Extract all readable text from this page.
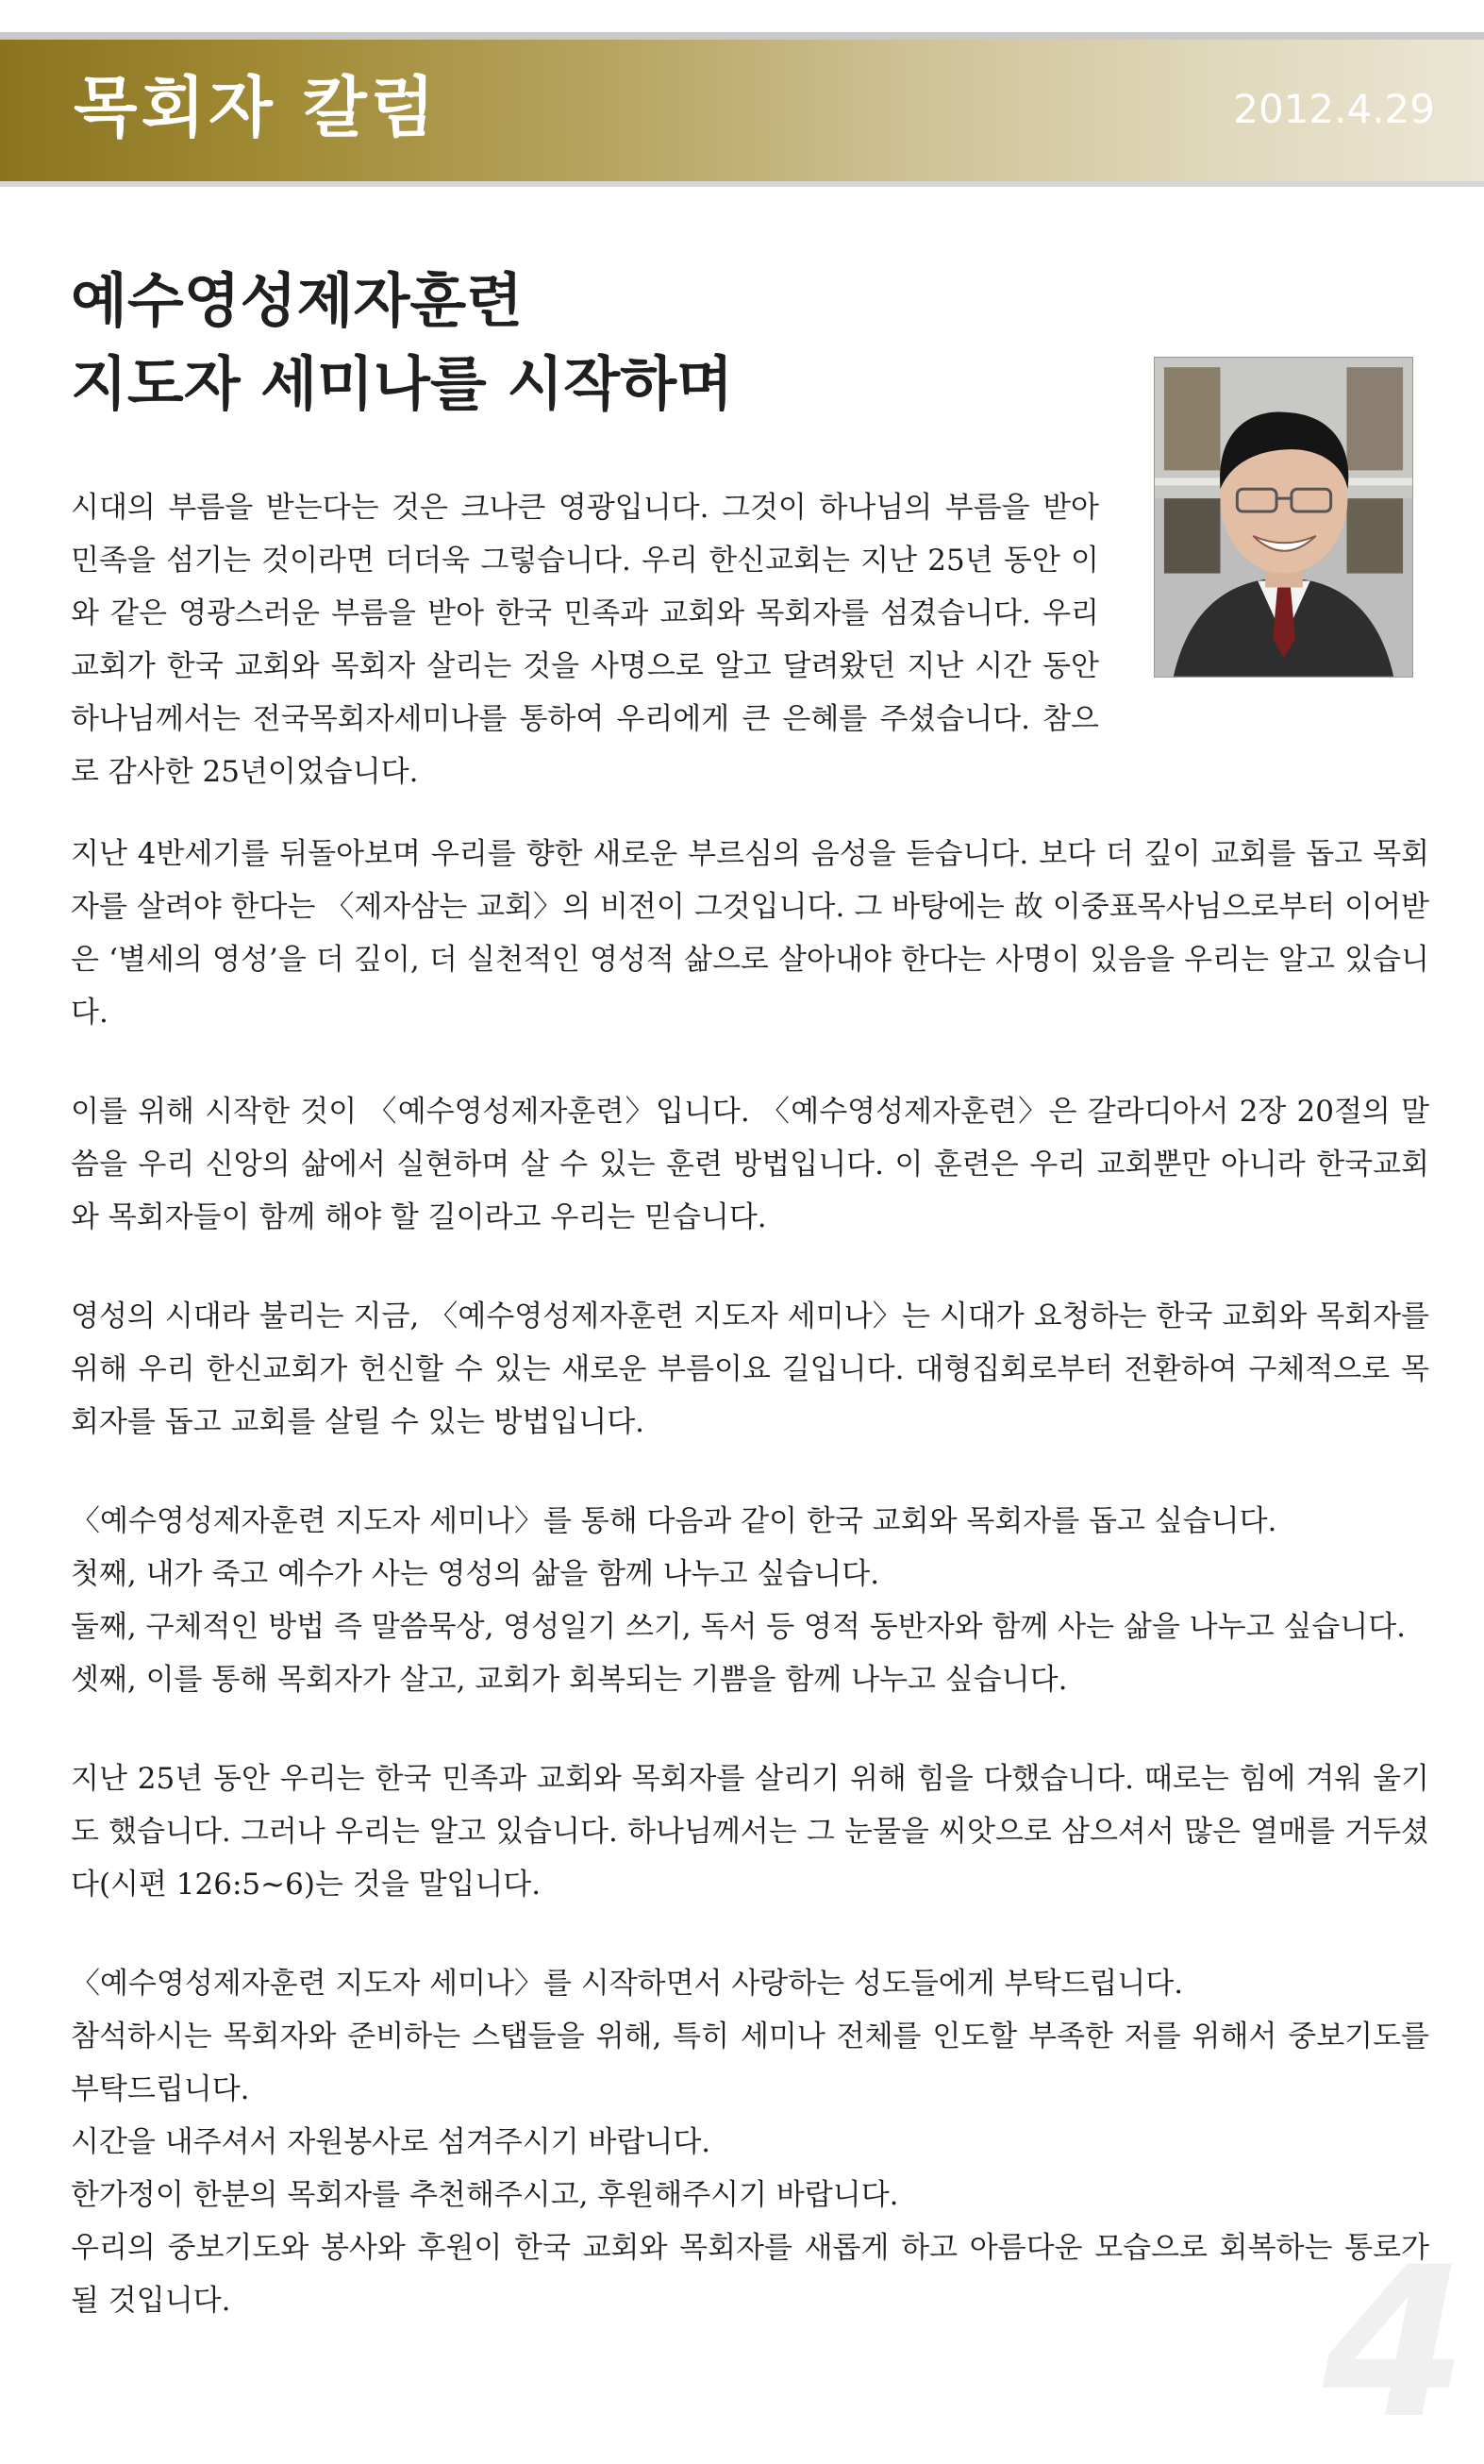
목회자 칼럼	2012.4.29
예수영성제자훈련
지도자 세미나를 시작하며
시대의 부름을 받는다는 것은 크나큰 영광입니다. 그것이 하나님의 부름을 받아 민족을 섬기는 것이라면 더더욱 그렇습니다. 우리 한신교회는 지난 25년 동안 이와 같은 영광스러운 부름을 받아 한국 민족과 교회와 목회자를 섬겼습니다. 우리 교회가 한국 교회와 목회자 살리는 것을 사명으로 알고 달려왔던 지난 시간 동안 하나님께서는 전국목회자세미나를 통하여 우리에게 큰 은혜를 주셨습니다. 참으로 감사한 25년이었습니다.

지난 4반세기를 뒤돌아보며 우리를 향한 새로운 부르심의 음성을 듣습니다. 보다 더 깊이 교회를 돕고 목회자를 살려야 한다는 〈제자삼는 교회〉의 비전이 그것입니다. 그 바탕에는 故 이중표목사님으로부터 이어받은 ‘별세의 영성’을 더 깊이, 더 실천적인 영성적 삶으로 살아내야 한다는 사명이 있음을 우리는 알고 있습니다.

이를 위해 시작한 것이 〈예수영성제자훈련〉입니다. 〈예수영성제자훈련〉은 갈라디아서 2장 20절의 말씀을 우리 신앙의 삶에서 실현하며 살 수 있는 훈련 방법입니다. 이 훈련은 우리 교회뿐만 아니라 한국교회와 목회자들이 함께 해야 할 길이라고 우리는 믿습니다.

영성의 시대라 불리는 지금, 〈예수영성제자훈련 지도자 세미나〉는 시대가 요청하는 한국 교회와 목회자를 위해 우리 한신교회가 헌신할 수 있는 새로운 부름이요 길입니다. 대형집회로부터 전환하여 구체적으로 목회자를 돕고 교회를 살릴 수 있는 방법입니다.

〈예수영성제자훈련 지도자 세미나〉를 통해 다음과 같이 한국 교회와 목회자를 돕고 싶습니다.
첫째, 내가 죽고 예수가 사는 영성의 삶을 함께 나누고 싶습니다.
둘째, 구체적인 방법 즉 말씀묵상, 영성일기 쓰기, 독서 등 영적 동반자와 함께 사는 삶을 나누고 싶습니다.
셋째, 이를 통해 목회자가 살고, 교회가 회복되는 기쁨을 함께 나누고 싶습니다.

지난 25년 동안 우리는 한국 민족과 교회와 목회자를 살리기 위해 힘을 다했습니다. 때로는 힘에 겨워 울기도 했습니다. 그러나 우리는 알고 있습니다. 하나님께서는 그 눈물을 씨앗으로 삼으셔서 많은 열매를 거두셨다(시편 126:5~6)는 것을 말입니다.

〈예수영성제자훈련 지도자 세미나〉를 시작하면서 사랑하는 성도들에게 부탁드립니다.
참석하시는 목회자와 준비하는 스탭들을 위해, 특히 세미나 전체를 인도할 부족한 저를 위해서 중보기도를 부탁드립니다.
시간을 내주셔서 자원봉사로 섬겨주시기 바랍니다.
한가정이 한분의 목회자를 추천해주시고, 후원해주시기 바랍니다.
우리의 중보기도와 봉사와 후원이 한국 교회와 목회자를 새롭게 하고 아름다운 모습으로 회복하는 통로가 될 것입니다.	4
